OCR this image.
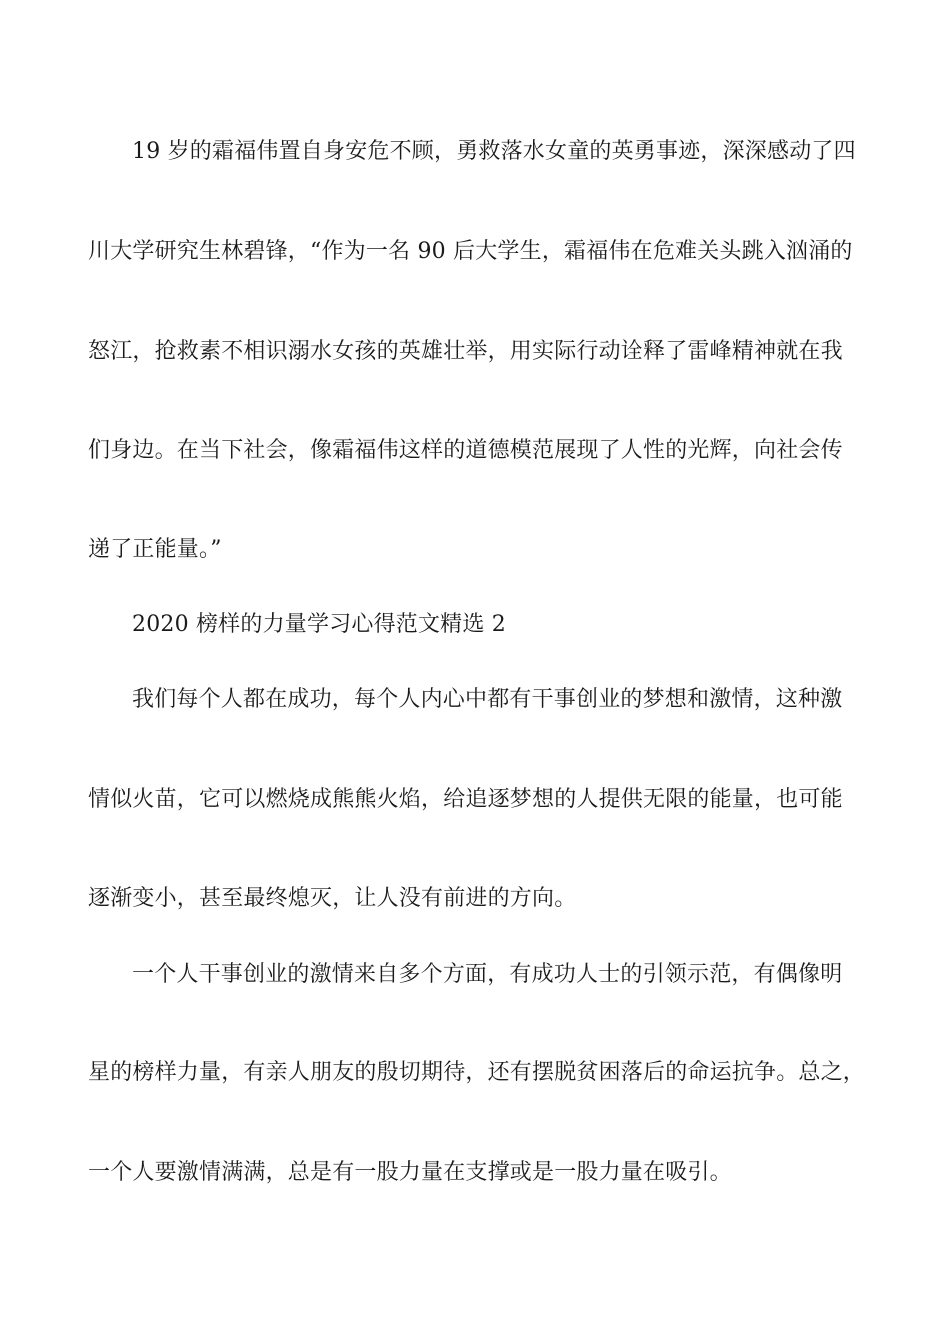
19 岁的霜福伟置自身安危不顾，勇救落水女童的英勇事迹，深深感动了四
川大学研究生林碧锋，“作为一名 90 后大学生，霜福伟在危难关头跳入汹涌的
怒江，抢救素不相识溺水女孩的英雄壮举，用实际行动诠释了雷峰精神就在我
们身边。在当下社会，像霜福伟这样的道德模范展现了人性的光辉，向社会传
递了正能量。”
2020 榜样的力量学习心得范文精选 2
我们每个人都在成功，每个人内心中都有干事创业的梦想和激情，这种激
情似火苗，它可以燃烧成熊熊火焰，给追逐梦想的人提供无限的能量，也可能
逐渐变小，甚至最终熄灭，让人没有前进的方向。
一个人干事创业的激情来自多个方面，有成功人士的引领示范，有偶像明
星的榜样力量，有亲人朋友的殷切期待，还有摆脱贫困落后的命运抗争。总之，
一个人要激情满满，总是有一股力量在支撑或是一股力量在吸引。
